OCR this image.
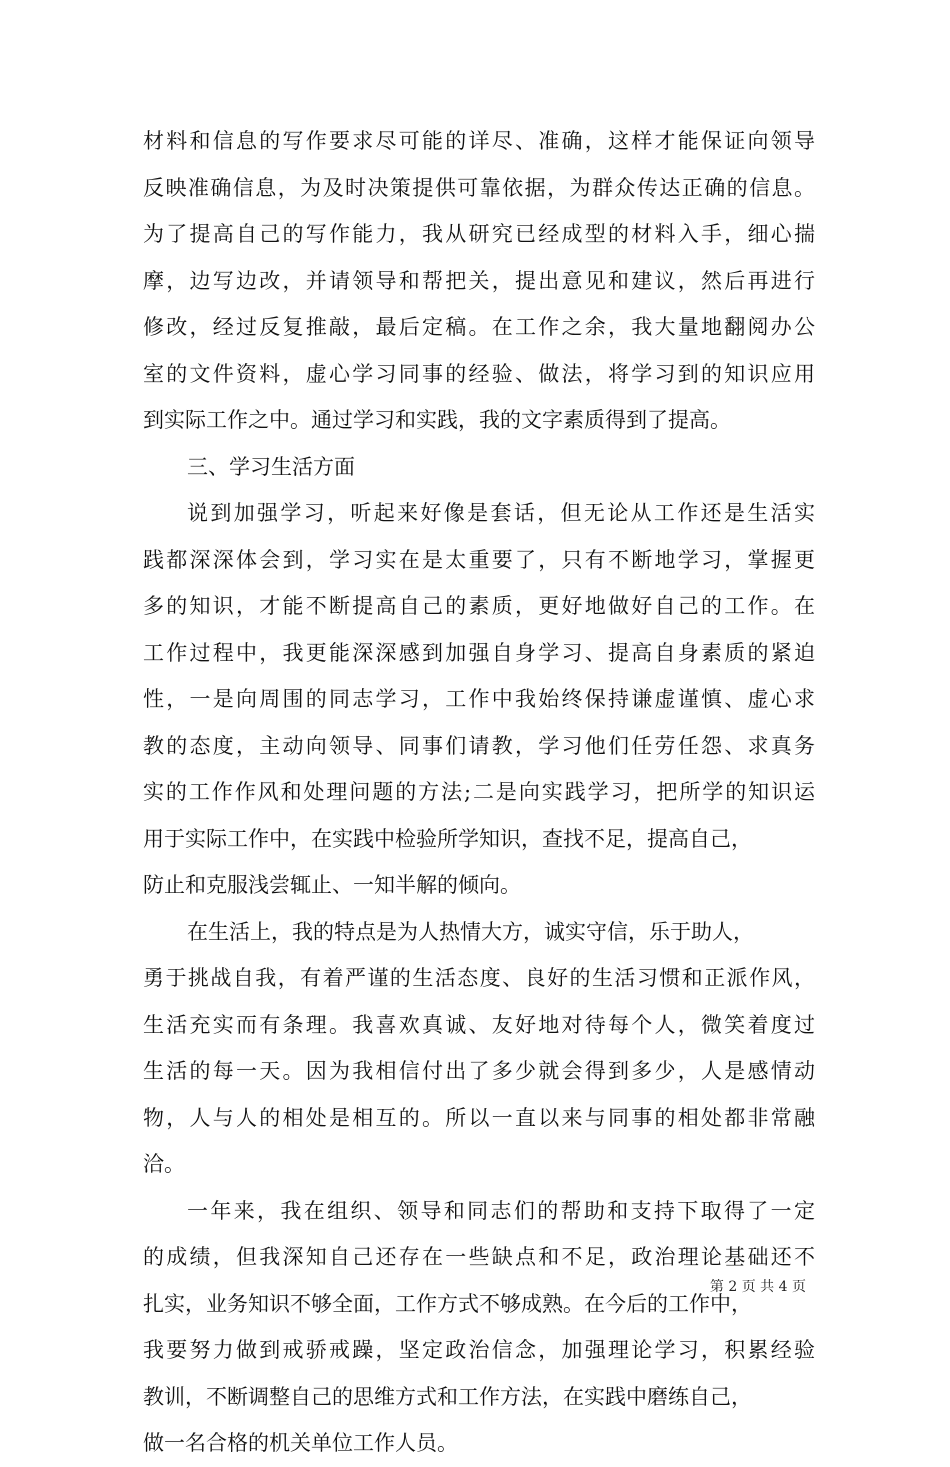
材料和信息的写作要求尽可能的详尽、准确，这样才能保证向领导
反映准确信息，为及时决策提供可靠依据，为群众传达正确的信息。
为了提高自己的写作能力，我从研究已经成型的材料入手，细心揣
摩，边写边改，并请领导和帮把关，提出意见和建议，然后再进行
修改，经过反复推敲，最后定稿。在工作之余，我大量地翻阅办公
室的文件资料，虚心学习同事的经验、做法，将学习到的知识应用
到实际工作之中。通过学习和实践，我的文字素质得到了提高。
三、学习生活方面
说到加强学习，听起来好像是套话，但无论从工作还是生活实
践都深深体会到，学习实在是太重要了，只有不断地学习，掌握更
多的知识，才能不断提高自己的素质，更好地做好自己的工作。在
工作过程中，我更能深深感到加强自身学习、提高自身素质的紧迫
性，一是向周围的同志学习，工作中我始终保持谦虚谨慎、虚心求
教的态度，主动向领导、同事们请教，学习他们任劳任怨、求真务
实的工作作风和处理问题的方法;二是向实践学习，把所学的知识运
用于实际工作中，在实践中检验所学知识，查找不足，提高自己，
防止和克服浅尝辄止、一知半解的倾向。
在生活上，我的特点是为人热情大方，诚实守信，乐于助人，
勇于挑战自我，有着严谨的生活态度、良好的生活习惯和正派作风，
生活充实而有条理。我喜欢真诚、友好地对待每个人，微笑着度过
生活的每一天。因为我相信付出了多少就会得到多少，人是感情动
物，人与人的相处是相互的。所以一直以来与同事的相处都非常融
洽。
一年来，我在组织、领导和同志们的帮助和支持下取得了一定
的成绩，但我深知自己还存在一些缺点和不足，政治理论基础还不
扎实，业务知识不够全面，工作方式不够成熟。在今后的工作中，
我要努力做到戒骄戒躁，坚定政治信念，加强理论学习，积累经验
教训，不断调整自己的思维方式和工作方法，在实践中磨练自己，
做一名合格的机关单位工作人员。
第 2 页 共 4 页
